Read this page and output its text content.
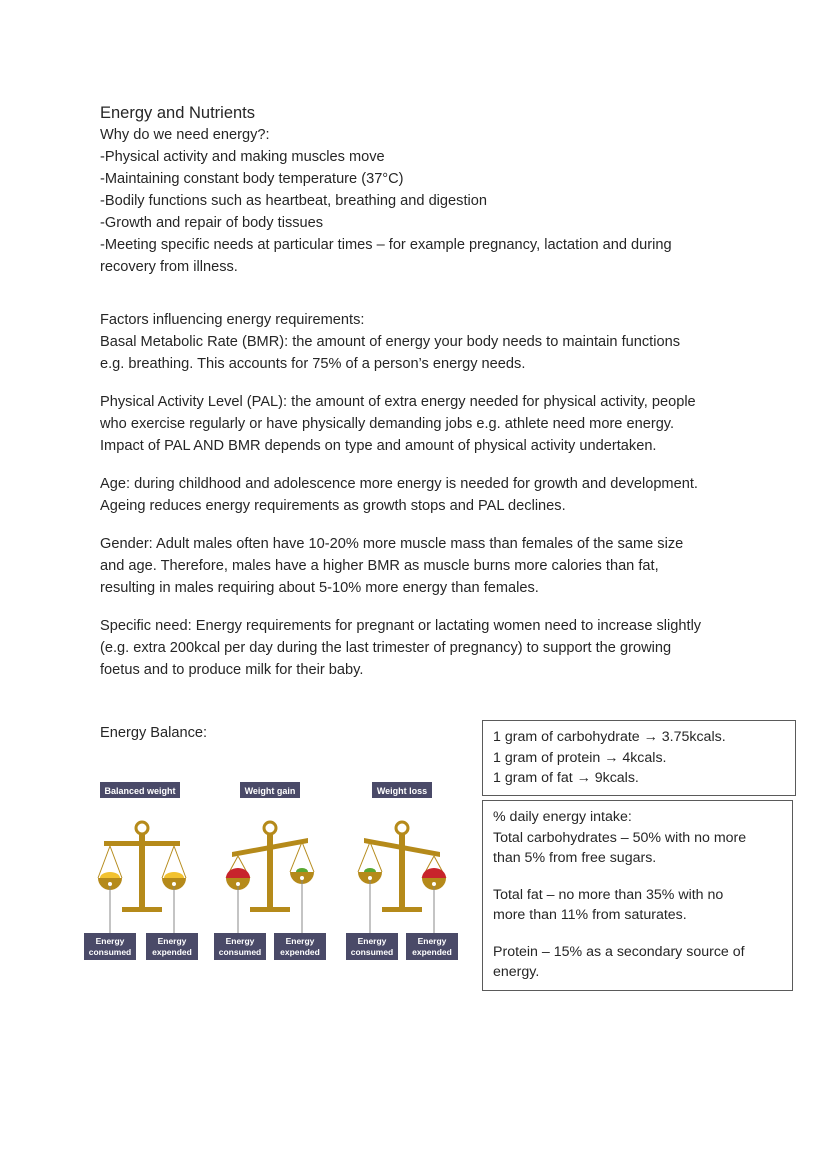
Energy and Nutrients

Why do we need energy?:

-Physical activity and making muscles move

-Maintaining constant body temperature (37°C)

-Bodily functions such as heartbeat, breathing and digestion

-Growth and repair of body tissues

-Meeting specific needs at particular times – for example pregnancy, lactation and during

recovery from illness.

Factors influencing energy requirements:

Basal Metabolic Rate (BMR): the amount of energy your body needs to maintain functions

e.g. breathing. This accounts for 75% of a person’s energy needs.

Physical Activity Level (PAL): the amount of extra energy needed for physical activity, people

who exercise regularly or have physically demanding jobs e.g. athlete need more energy.

Impact of PAL AND BMR depends on type and amount of physical activity undertaken.

Age: during childhood and adolescence more energy is needed for growth and development.

Ageing reduces energy requirements as growth stops and PAL declines.

Gender: Adult males often have 10-20% more muscle mass than females of the same size

and age. Therefore, males have a higher BMR as muscle burns more calories than fat,

resulting in males requiring about 5-10% more energy than females.

Specific need: Energy requirements for pregnant or lactating women need to increase slightly

(e.g. extra 200kcal per day during the last trimester of pregnancy) to support the growing

foetus and to produce milk for their baby.

Energy Balance:

Balanced weight
Energy
consumed
Energy
expended
Weight gain
Energy
consumed
Energy
expended
Weight loss
Energy
consumed
Energy
expended

1 gram of carbohydrate → 3.75kcals.

1 gram of protein → 4kcals.

1 gram of fat → 9kcals.

% daily energy intake:

Total carbohydrates – 50% with no more

than 5% from free sugars.

Total fat – no more than 35% with no

more than 11% from saturates.

Protein – 15% as a secondary source of

energy.
